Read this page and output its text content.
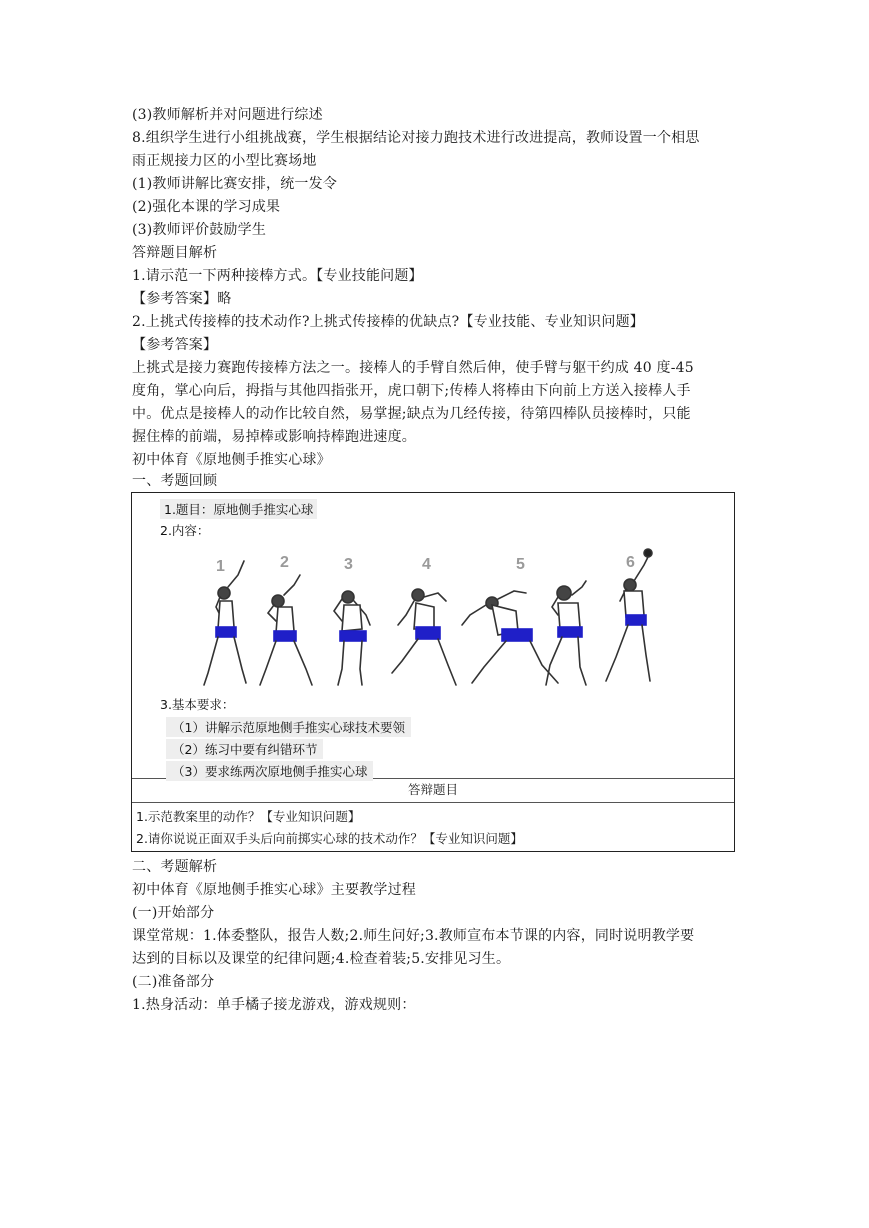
(3)教师解析并对问题进行综述
8.组织学生进行小组挑战赛，学生根据结论对接力跑技术进行改进提高，教师设置一个相思
雨正规接力区的小型比赛场地
(1)教师讲解比赛安排，统一发令
(2)强化本课的学习成果
(3)教师评价鼓励学生
答辩题目解析
1.请示范一下两种接棒方式。【专业技能问题】
【参考答案】略
2.上挑式传接棒的技术动作?上挑式传接棒的优缺点?【专业技能、专业知识问题】
【参考答案】
上挑式是接力赛跑传接棒方法之一。接棒人的手臂自然后伸，使手臂与躯干约成 40 度-45
度角，掌心向后，拇指与其他四指张开，虎口朝下;传棒人将棒由下向前上方送入接棒人手
中。优点是接棒人的动作比较自然，易掌握;缺点为几经传接，待第四棒队员接棒时，只能
握住棒的前端，易掉棒或影响持棒跑进速度。
初中体育《原地侧手推实心球》
一、考题回顾
1.题目：原地侧手推实心球
2.内容：
1	2	3	4	5	6
3.基本要求：
（1）讲解示范原地侧手推实心球技术要领
（2）练习中要有纠错环节
（3）要求练两次原地侧手推实心球
答辩题目
1.示范教案里的动作？【专业知识问题】
2.请你说说正面双手头后向前掷实心球的技术动作？【专业知识问题】
二、考题解析
初中体育《原地侧手推实心球》主要教学过程
(一)开始部分
课堂常规：1.体委整队，报告人数;2.师生问好;3.教师宣布本节课的内容，同时说明教学要
达到的目标以及课堂的纪律问题;4.检查着装;5.安排见习生。
(二)准备部分
1.热身活动：单手橘子接龙游戏，游戏规则：
